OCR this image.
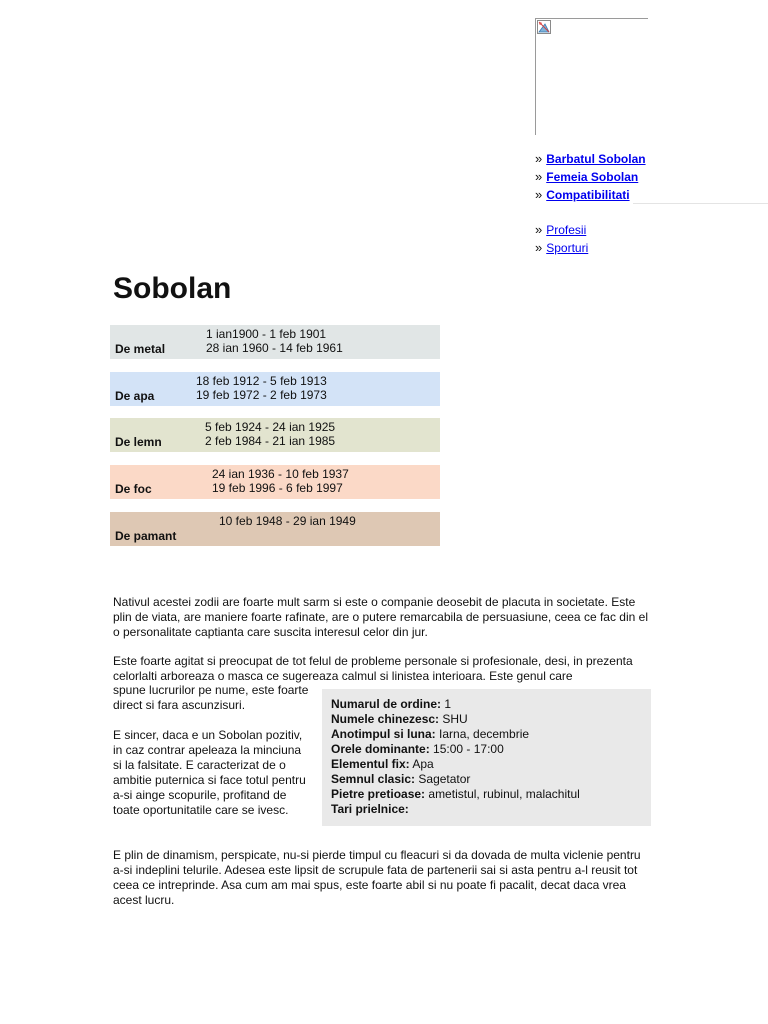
» Barbatul Sobolan
» Femeia Sobolan
» Compatibilitati
» Profesii
» Sporturi
Sobolan
1 ian1900 - 1 feb 1901
28 ian 1960 - 14 feb 1961
De metal
18 feb 1912 - 5 feb 1913
19 feb 1972 - 2 feb 1973
De apa
5 feb 1924 - 24 ian 1925
2 feb 1984 - 21 ian 1985
De lemn
24 ian 1936 - 10 feb 1937
19 feb 1996 - 6 feb 1997
De foc
10 feb 1948 - 29 ian 1949
De pamant

Nativul acestei zodii are foarte mult sarm si este o companie deosebit de placuta in societate. Este plin de viata, are maniere foarte rafinate, are o putere remarcabila de persuasiune, ceea ce fac din el o personalitate captianta care suscita interesul celor din jur.

Este foarte agitat si preocupat de tot felul de probleme personale si profesionale, desi, in prezenta celorlalti arboreaza o masca ce sugereaza calmul si linistea interioara. Este genul care

spune lucrurilor pe nume, este foarte direct si fara ascunzisuri.

E sincer, daca e un Sobolan pozitiv, in caz contrar apeleaza la minciuna si la falsitate. E caracterizat de o ambitie puternica si face totul pentru a-si ainge scopurile, profitand de toate oportunitatile care se ivesc.

Numarul de ordine: 1
Numele chinezesc: SHU
Anotimpul si luna: Iarna, decembrie
Orele dominante: 15:00 - 17:00
Elementul fix: Apa
Semnul clasic: Sagetator
Pietre pretioase: ametistul, rubinul, malachitul
Tari prielnice:

E plin de dinamism, perspicate, nu-si pierde timpul cu fleacuri si da dovada de multa viclenie pentru a-si indeplini telurile. Adesea este lipsit de scrupule fata de partenerii sai si asta pentru a-l reusit tot ceea ce intreprinde. Asa cum am mai spus, este foarte abil si nu poate fi pacalit, decat daca vrea acest lucru.
